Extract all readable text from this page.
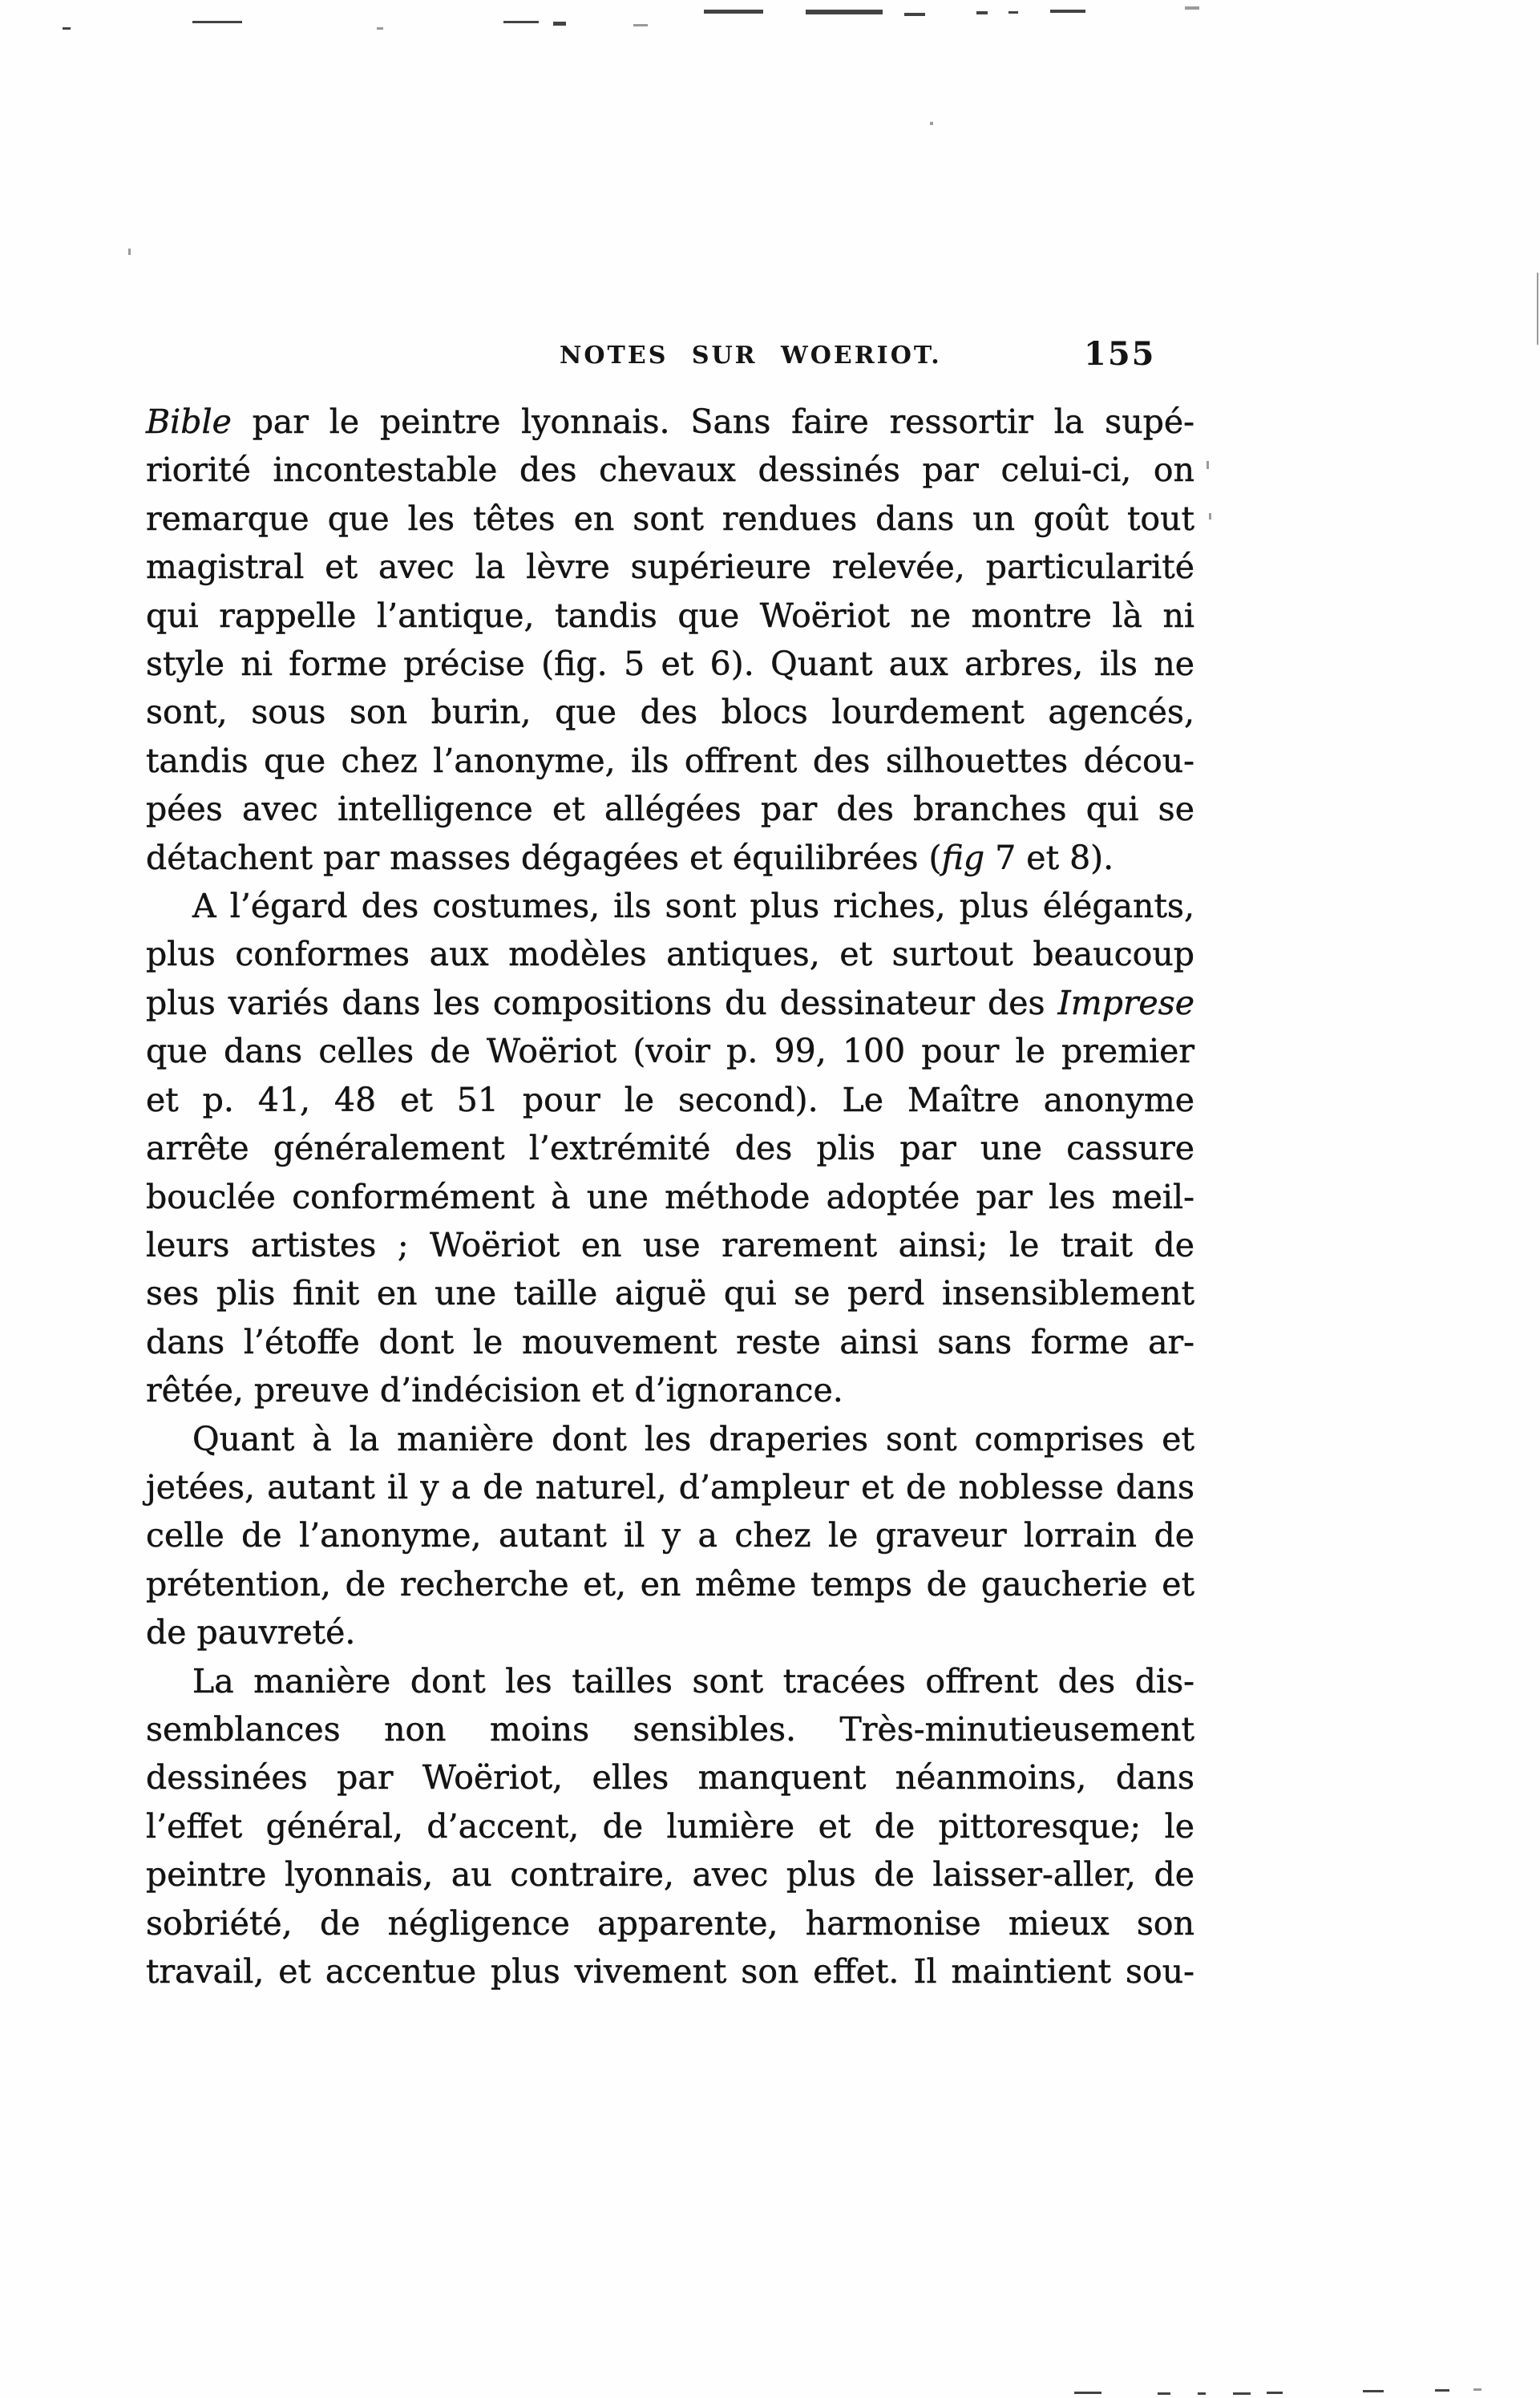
NOTES SUR WOERIOT.	155
Bible par le peintre lyonnais. Sans faire ressortir la supé-
riorité incontestable des chevaux dessinés par celui-ci, on
remarque que les têtes en sont rendues dans un goût tout
magistral et avec la lèvre supérieure relevée, particularité
qui rappelle l’antique, tandis que Woëriot ne montre là ni
style ni forme précise (fig. 5 et 6). Quant aux arbres, ils ne
sont, sous son burin, que des blocs lourdement agencés,
tandis que chez l’anonyme, ils offrent des silhouettes décou-
pées avec intelligence et allégées par des branches qui se
détachent par masses dégagées et équilibrées (fig 7 et 8).
A l’égard des costumes, ils sont plus riches, plus élégants,
plus conformes aux modèles antiques, et surtout beaucoup
plus variés dans les compositions du dessinateur des Imprese
que dans celles de Woëriot (voir p. 99, 100 pour le premier
et p. 41, 48 et 51 pour le second). Le Maître anonyme
arrête généralement l’extrémité des plis par une cassure
bouclée conformément à une méthode adoptée par les meil-
leurs artistes ; Woëriot en use rarement ainsi; le trait de
ses plis finit en une taille aiguë qui se perd insensiblement
dans l’étoffe dont le mouvement reste ainsi sans forme ar-
rêtée, preuve d’indécision et d’ignorance.
Quant à la manière dont les draperies sont comprises et
jetées, autant il y a de naturel, d’ampleur et de noblesse dans
celle de l’anonyme, autant il y a chez le graveur lorrain de
prétention, de recherche et, en même temps de gaucherie et
de pauvreté.
La manière dont les tailles sont tracées offrent des dis-
semblances non moins sensibles. Très-minutieusement
dessinées par Woëriot, elles manquent néanmoins, dans
l’effet général, d’accent, de lumière et de pittoresque; le
peintre lyonnais, au contraire, avec plus de laisser-aller, de
sobriété, de négligence apparente, harmonise mieux son
travail, et accentue plus vivement son effet. Il maintient sou-
